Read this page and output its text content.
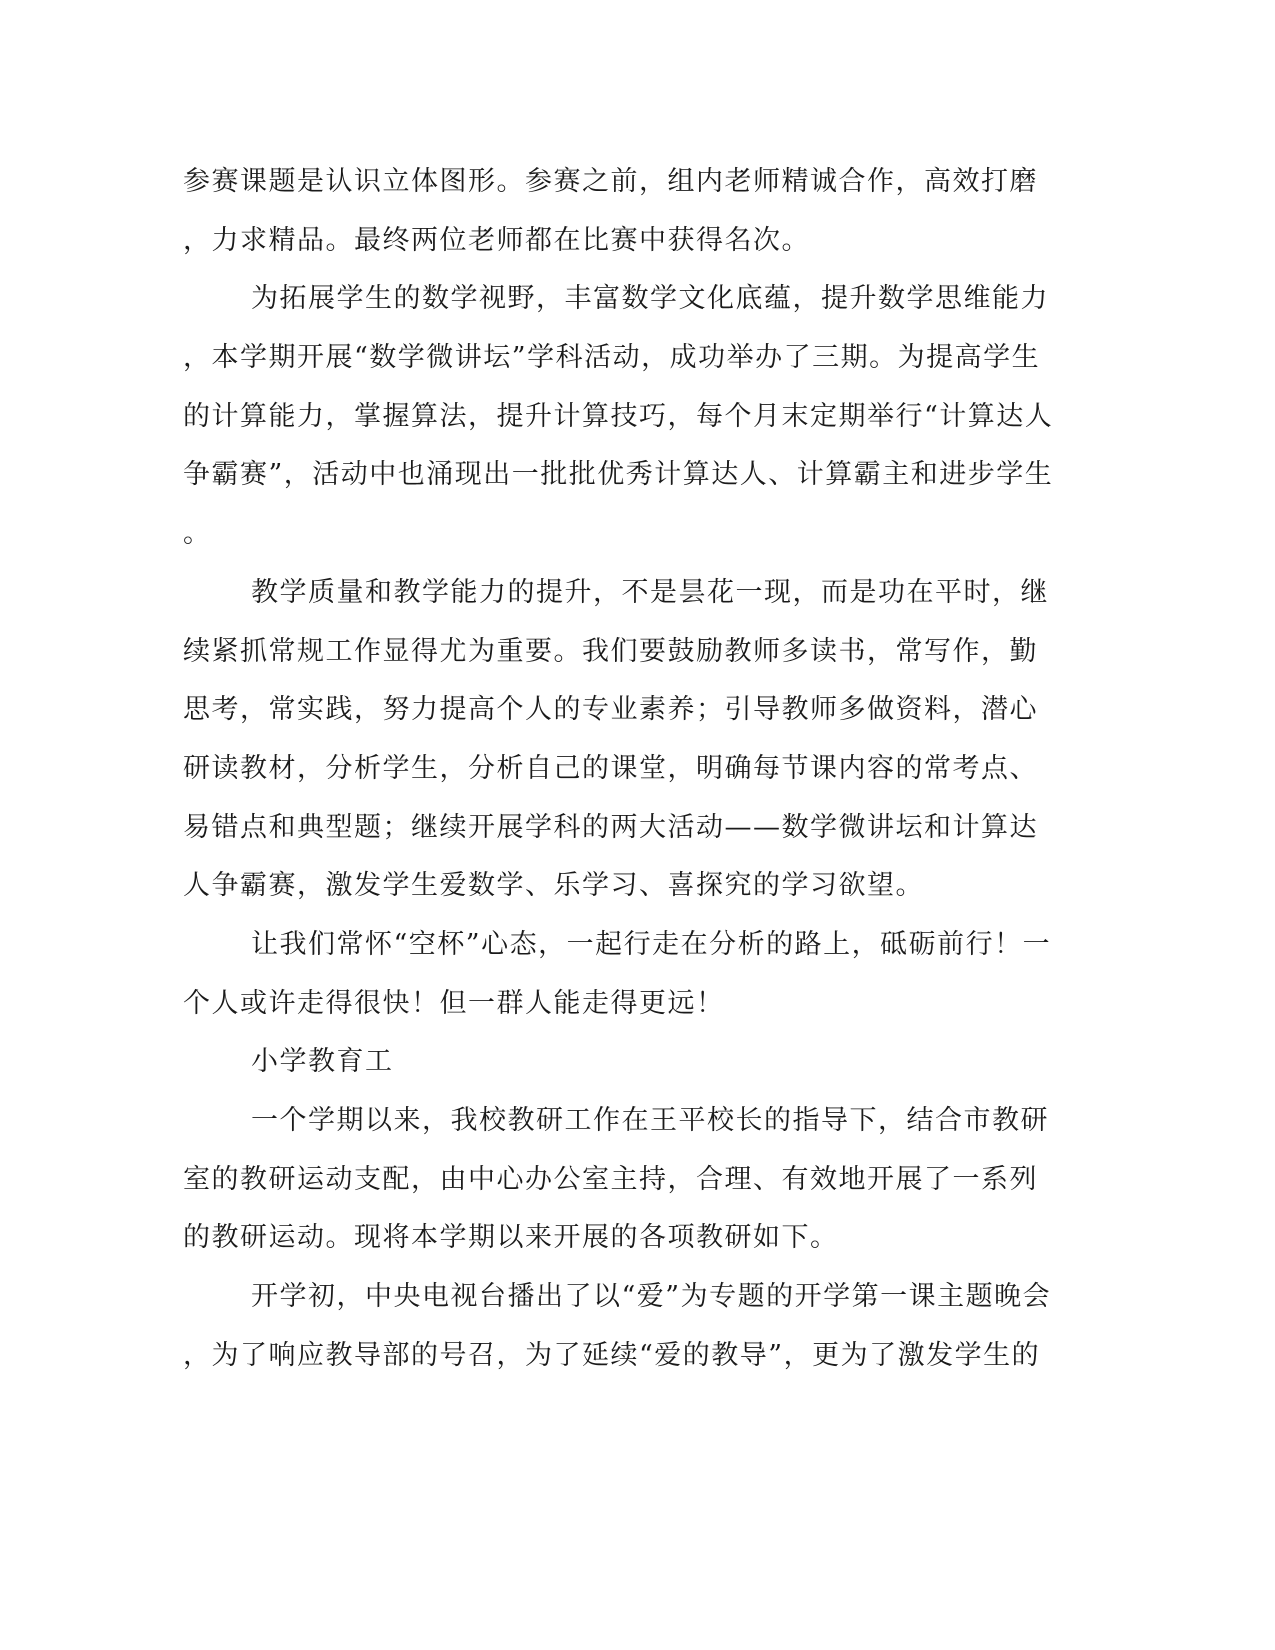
参赛课题是认识立体图形。参赛之前，组内老师精诚合作，高效打磨
，力求精品。最终两位老师都在比赛中获得名次。
为拓展学生的数学视野，丰富数学文化底蕴，提升数学思维能力
，本学期开展“数学微讲坛”学科活动，成功举办了三期。为提高学生
的计算能力，掌握算法，提升计算技巧，每个月末定期举行“计算达人
争霸赛”，活动中也涌现出一批批优秀计算达人、计算霸主和进步学生
。
教学质量和教学能力的提升，不是昙花一现，而是功在平时，继
续紧抓常规工作显得尤为重要。我们要鼓励教师多读书，常写作，勤
思考，常实践，努力提高个人的专业素养；引导教师多做资料，潜心
研读教材，分析学生，分析自己的课堂，明确每节课内容的常考点、
易错点和典型题；继续开展学科的两大活动——数学微讲坛和计算达
人争霸赛，激发学生爱数学、乐学习、喜探究的学习欲望。
让我们常怀“空杯”心态，一起行走在分析的路上，砥砺前行！一
个人或许走得很快！但一群人能走得更远！
小学教育工
一个学期以来，我校教研工作在王平校长的指导下，结合市教研
室的教研运动支配，由中心办公室主持，合理、有效地开展了一系列
的教研运动。现将本学期以来开展的各项教研如下。
开学初，中央电视台播出了以“爱”为专题的开学第一课主题晚会
，为了响应教导部的号召，为了延续“爱的教导”，更为了激发学生的
